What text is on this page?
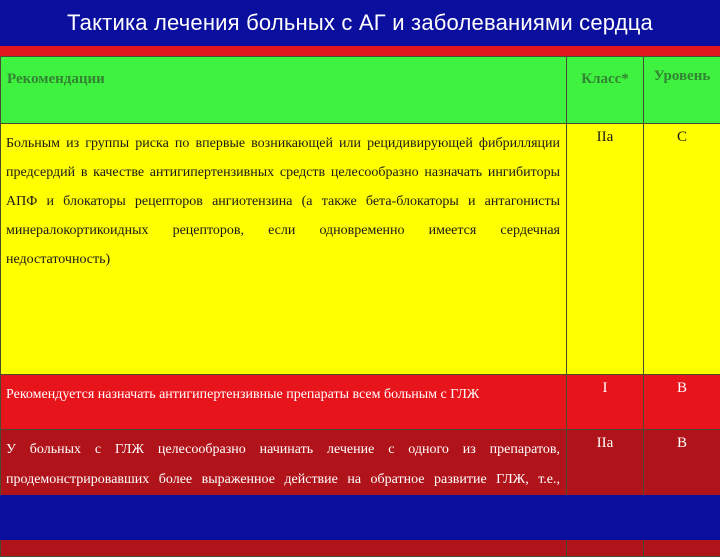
Тактика лечения больных с АГ и заболеваниями сердца
Рекомендации	Класс*	Уровень

Больным из группы риска по впервые возникающей или рецидивирующей фибрилляции предсердий в качестве антигипертензивных средств целесообразно назначать ингибиторы АПФ и блокаторы рецепторов ангиотензина (а также бета-блокаторы и антагонисты минералокортикоидных рецепторов, если одновременно имеется сердечная недостаточность)	IIa	C

Рекомендуется назначать антигипертензивные препараты всем больным с ГЛЖ	I	B

У больных с ГЛЖ целесообразно начинать лечение с одного из препаратов, продемонстрировавших более выраженное действие на обратное развитие ГЛЖ, т.е.,	IIa	B
